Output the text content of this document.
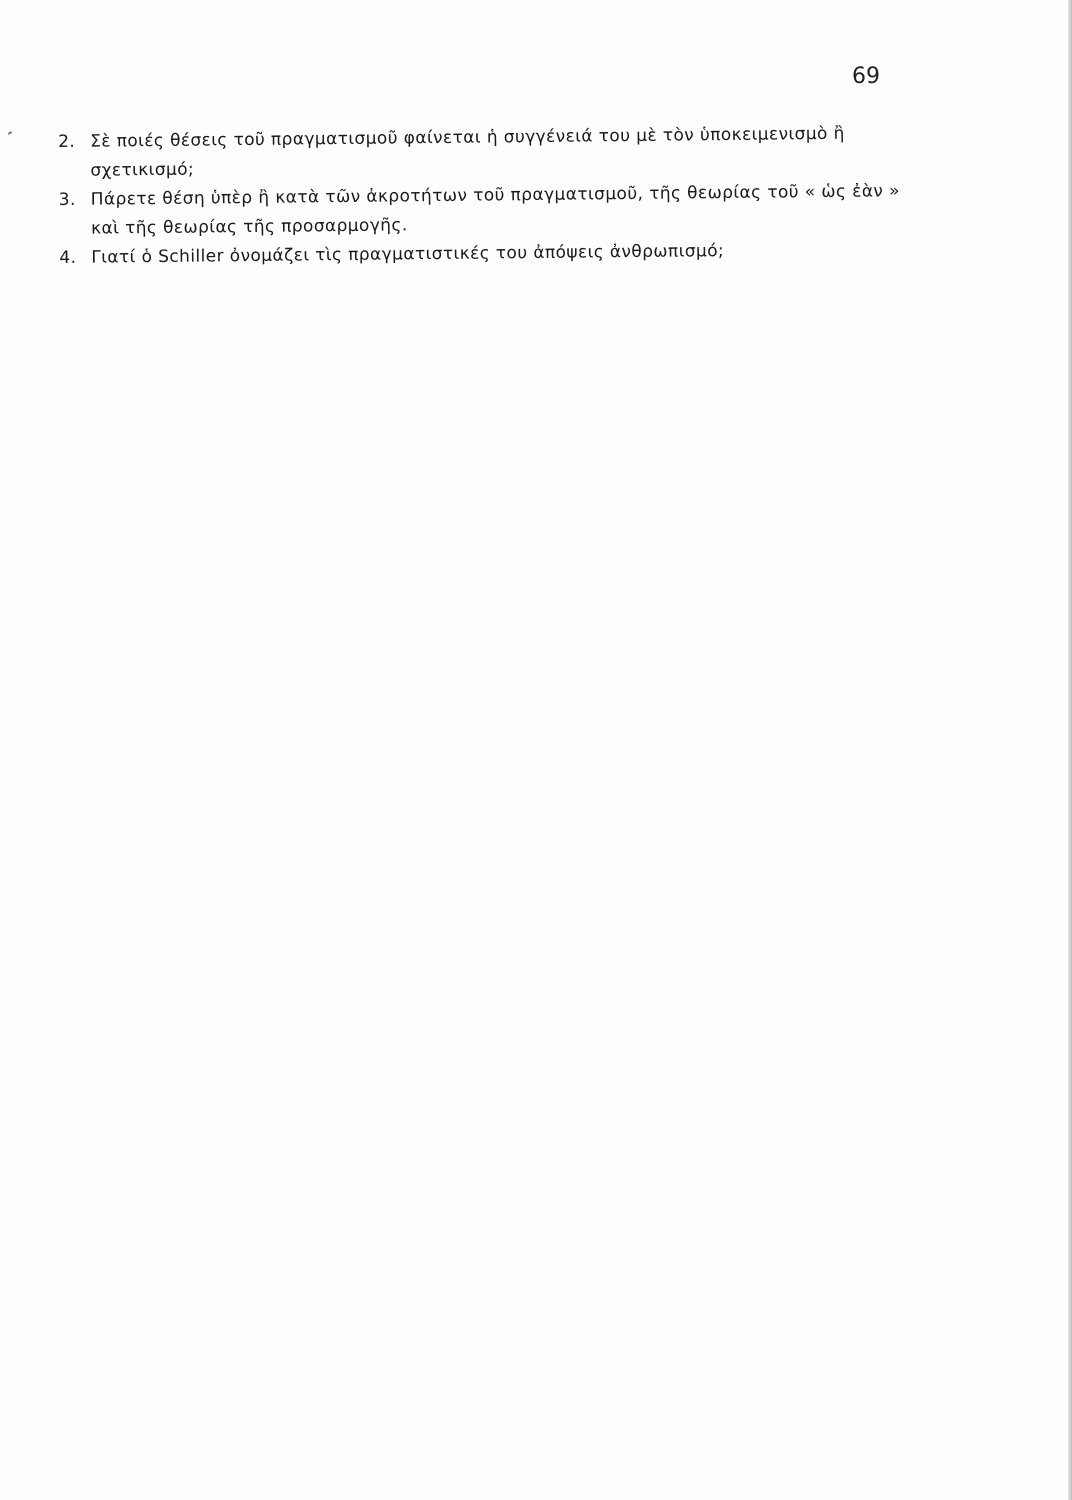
69
2. Σὲ ποιές θέσεις τοῦ πραγματισμοῦ φαίνεται ἡ συγγένειά του μὲ τὸν ὑποκειμενισμὸ ἢ σχετικισμό;
3. Πάρετε θέση ὑπὲρ ἢ κατὰ τῶν ἀκροτήτων τοῦ πραγματισμοῦ, τῆς θεωρίας τοῦ « ὡς ἐὰν » καὶ τῆς θεωρίας τῆς προσαρμογῆς.
4. Γιατί ὁ Schiller ὀνομάζει τὶς πραγματιστικές του ἀπόψεις ἀνθρωπισμό;
